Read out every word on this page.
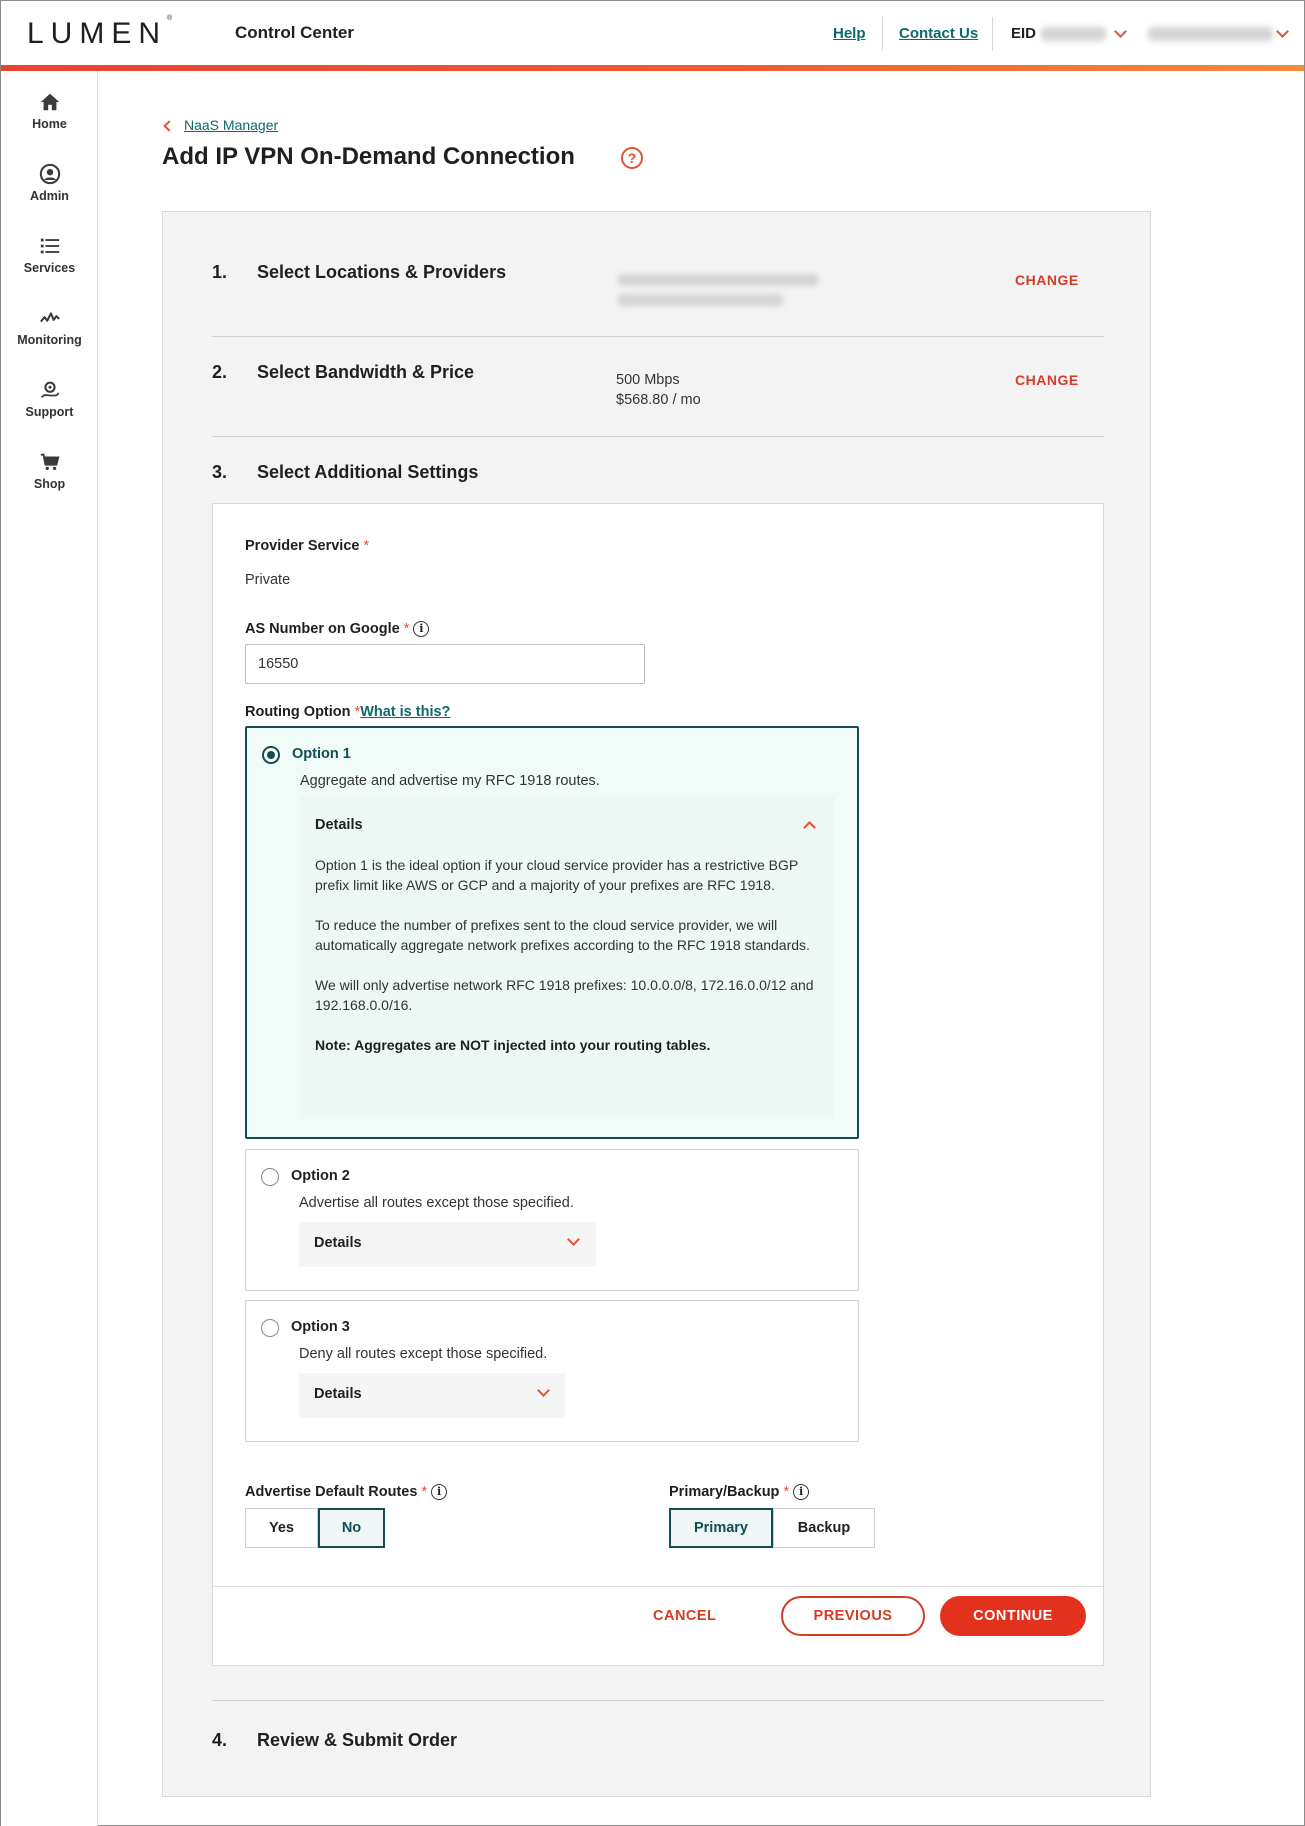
LUMEN®
Control Center	Help Contact Us EID
Home
Admin
Services
Monitoring
Support
Shop
NaaS Manager
Add IP VPN On-Demand Connection	?
1. Select Locations & Providers	CHANGE
2. Select Bandwidth & Price	CHANGE
500 Mbps
$568.80 / mo
3. Select Additional Settings
Provider Service *
Private
AS Number on Google * i
16550
Routing Option *What is this?
Option 1
Aggregate and advertise my RFC 1918 routes.
Details

Option 1 is the ideal option if your cloud service provider has a restrictive BGP prefix limit like AWS or GCP and a majority of your prefixes are RFC 1918.

To reduce the number of prefixes sent to the cloud service provider, we will automatically aggregate network prefixes according to the RFC 1918 standards.

We will only advertise network RFC 1918 prefixes: 10.0.0.0/8, 172.16.0.0/12 and 192.168.0.0/16.

Note: Aggregates are NOT injected into your routing tables.

Option 2
Advertise all routes except those specified.
Details
Option 3
Deny all routes except those specified.
Details
Advertise Default Routes * i
Yes	No
Primary/Backup * i
Primary	Backup
CANCEL	PREVIOUS	CONTINUE
4. Review & Submit Order
